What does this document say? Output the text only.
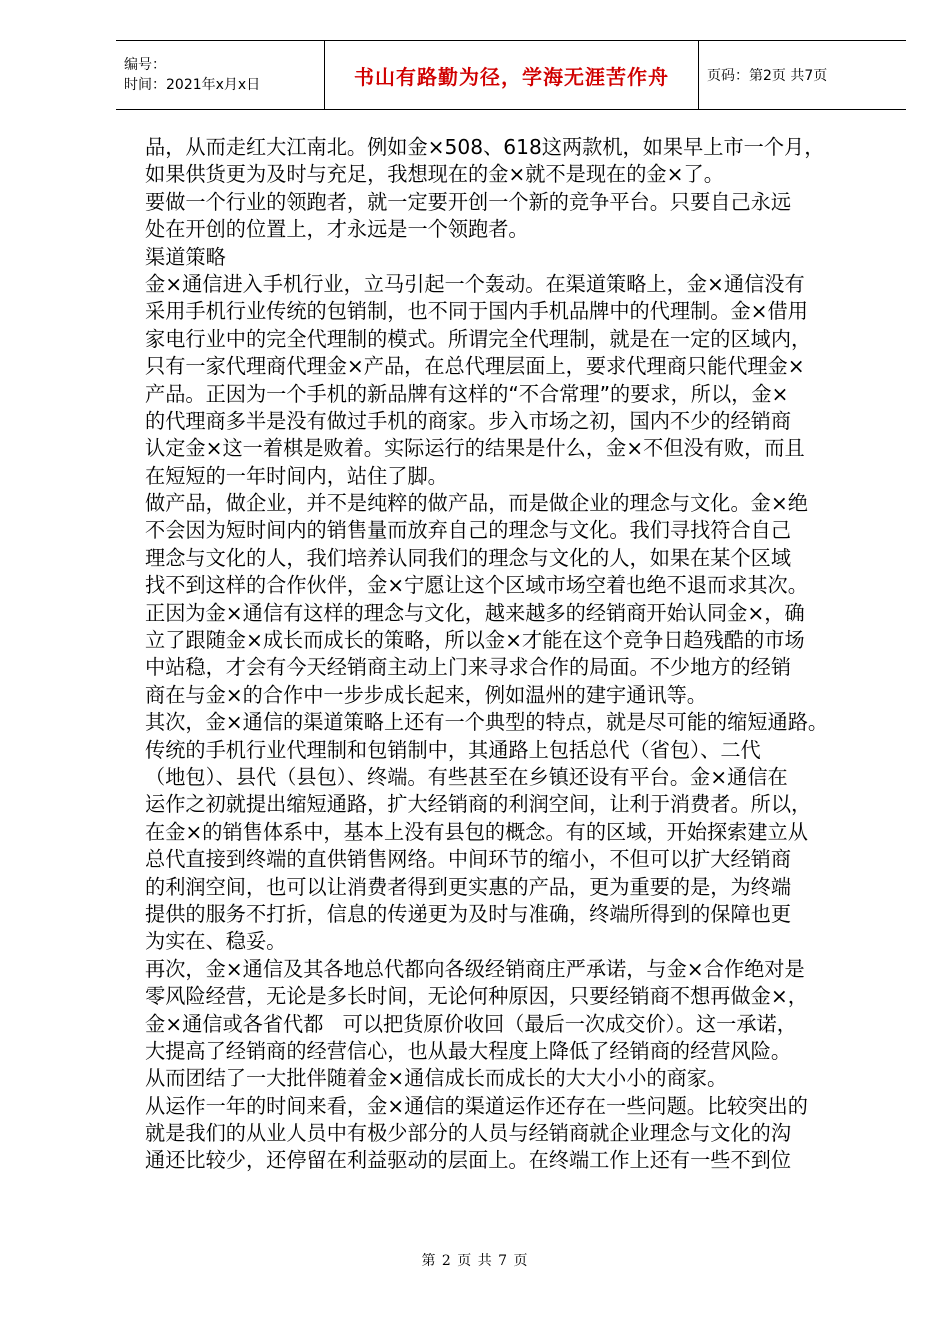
编号：
时间：2021年x月x日	书山有路勤为径，学海无涯苦作舟	页码：第2页 共7页
品，从而走红大江南北。例如金×508、618这两款机，如果早上市一个月，
如果供货更为及时与充足，我想现在的金×就不是现在的金×了。
要做一个行业的领跑者，就一定要开创一个新的竞争平台。只要自己永远
处在开创的位置上，才永远是一个领跑者。
渠道策略
金×通信进入手机行业，立马引起一个轰动。在渠道策略上，金×通信没有
采用手机行业传统的包销制，也不同于国内手机品牌中的代理制。金×借用
家电行业中的完全代理制的模式。所谓完全代理制，就是在一定的区域内，
只有一家代理商代理金×产品，在总代理层面上，要求代理商只能代理金×
产品。正因为一个手机的新品牌有这样的“不合常理”的要求，所以，金×
的代理商多半是没有做过手机的商家。步入市场之初，国内不少的经销商
认定金×这一着棋是败着。实际运行的结果是什么，金×不但没有败，而且
在短短的一年时间内，站住了脚。
做产品，做企业，并不是纯粹的做产品，而是做企业的理念与文化。金×绝
不会因为短时间内的销售量而放弃自己的理念与文化。我们寻找符合自己
理念与文化的人，我们培养认同我们的理念与文化的人，如果在某个区域
找不到这样的合作伙伴，金×宁愿让这个区域市场空着也绝不退而求其次。
正因为金×通信有这样的理念与文化，越来越多的经销商开始认同金×，确
立了跟随金×成长而成长的策略，所以金×才能在这个竞争日趋残酷的市场
中站稳，才会有今天经销商主动上门来寻求合作的局面。不少地方的经销
商在与金×的合作中一步步成长起来，例如温州的建宇通讯等。
其次，金×通信的渠道策略上还有一个典型的特点，就是尽可能的缩短通路。
传统的手机行业代理制和包销制中，其通路上包括总代（省包）、二代
（地包）、县代（县包）、终端。有些甚至在乡镇还设有平台。金×通信在
运作之初就提出缩短通路，扩大经销商的利润空间，让利于消费者。所以，
在金×的销售体系中，基本上没有县包的概念。有的区域，开始探索建立从
总代直接到终端的直供销售网络。中间环节的缩小，不但可以扩大经销商
的利润空间，也可以让消费者得到更实惠的产品，更为重要的是，为终端
提供的服务不打折，信息的传递更为及时与准确，终端所得到的保障也更
为实在、稳妥。
再次，金×通信及其各地总代都向各级经销商庄严承诺，与金×合作绝对是
零风险经营，无论是多长时间，无论何种原因，只要经销商不想再做金×，
金×通信或各省代都   可以把货原价收回（最后一次成交价）。这一承诺，
大提高了经销商的经营信心，也从最大程度上降低了经销商的经营风险。
从而团结了一大批伴随着金×通信成长而成长的大大小小的商家。
从运作一年的时间来看，金×通信的渠道运作还存在一些问题。比较突出的
就是我们的从业人员中有极少部分的人员与经销商就企业理念与文化的沟
通还比较少，还停留在利益驱动的层面上。在终端工作上还有一些不到位
第 2 页 共 7 页
